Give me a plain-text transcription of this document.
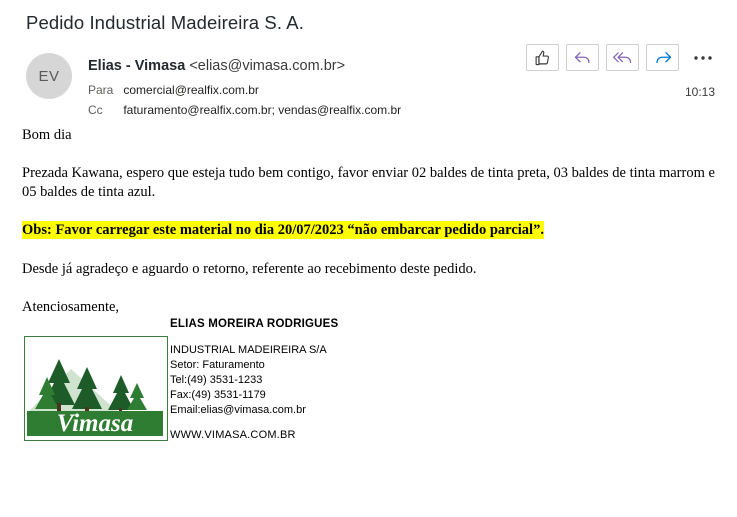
Pedido Industrial Madeireira S. A.
EV
Elias - Vimasa <elias@vimasa.com.br>
Para comercial@realfix.com.br
Cc faturamento@realfix.com.br; vendas@realfix.com.br
10:13

Bom dia

Prezada Kawana, espero que esteja tudo bem contigo, favor enviar 02 baldes de tinta preta, 03 baldes de tinta marrom e 05 baldes de tinta azul.

Obs: Favor carregar este material no dia 20/07/2023 “não embarcar pedido parcial”.

Desde já agradeço e aguardo o retorno, referente ao recebimento deste pedido.

Atenciosamente,

Vimasa
ELIAS MOREIRA RODRIGUES
INDUSTRIAL MADEIREIRA S/A
Setor: Faturamento
Tel:(49) 3531-1233
Fax:(49) 3531-1179
Email:elias@vimasa.com.br
WWW.VIMASA.COM.BR
